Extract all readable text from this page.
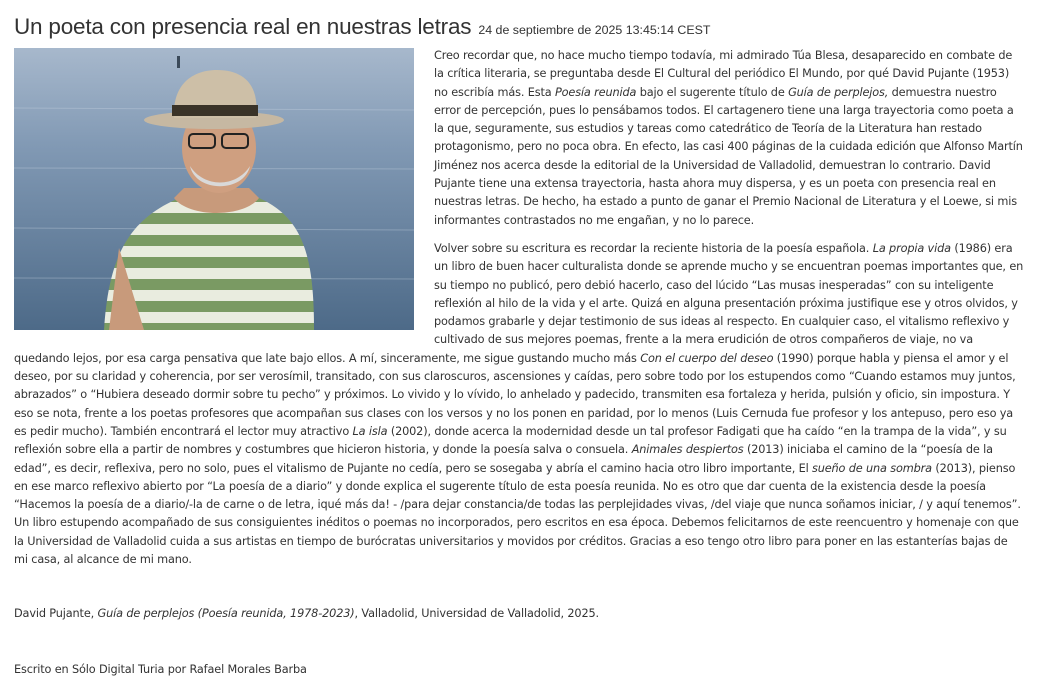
Un poeta con presencia real en nuestras letras 24 de septiembre de 2025 13:45:14 CEST

Creo recordar que, no hace mucho tiempo todavía, mi admirado Túa Blesa, desaparecido en combate de la crítica literaria, se preguntaba desde El Cultural del periódico El Mundo, por qué David Pujante (1953) no escribía más. Esta Poesía reunida bajo el sugerente título de Guía de perplejos, demuestra nuestro error de percepción, pues lo pensábamos todos. El cartagenero tiene una larga trayectoria como poeta a la que, seguramente, sus estudios y tareas como catedrático de Teoría de la Literatura han restado protagonismo, pero no poca obra. En efecto, las casi 400 páginas de la cuidada edición que Alfonso Martín Jiménez nos acerca desde la editorial de la Universidad de Valladolid, demuestran lo contrario. David Pujante tiene una extensa trayectoria, hasta ahora muy dispersa, y es un poeta con presencia real en nuestras letras. De hecho, ha estado a punto de ganar el Premio Nacional de Literatura y el Loewe, si mis informantes contrastados no me engañan, y no lo parece.

Volver sobre su escritura es recordar la reciente historia de la poesía española. La propia vida (1986) era un libro de buen hacer culturalista donde se aprende mucho y se encuentran poemas importantes que, en su tiempo no publicó, pero debió hacerlo, caso del lúcido “Las musas inesperadas” con su inteligente reflexión al hilo de la vida y el arte. Quizá en alguna presentación próxima justifique ese y otros olvidos, y podamos grabarle y dejar testimonio de sus ideas al respecto. En cualquier caso, el vitalismo reflexivo y cultivado de sus mejores poemas, frente a la mera erudición de otros compañeros de viaje, no va quedando lejos, por esa carga pensativa que late bajo ellos. A mí, sinceramente, me sigue gustando mucho más Con el cuerpo del deseo (1990) porque habla y piensa el amor y el deseo, por su claridad y coherencia, por ser verosímil, transitado, con sus claroscuros, ascensiones y caídas, pero sobre todo por los estupendos como “Cuando estamos muy juntos, abrazados” o “Hubiera deseado dormir sobre tu pecho” y próximos. Lo vivido y lo vívido, lo anhelado y padecido, transmiten esa fortaleza y herida, pulsión y oficio, sin impostura. Y eso se nota, frente a los poetas profesores que acompañan sus clases con los versos y no los ponen en paridad, por lo menos (Luis Cernuda fue profesor y los antepuso, pero eso ya es pedir mucho). También encontrará el lector muy atractivo La isla (2002), donde acerca la modernidad desde un tal profesor Fadigati que ha caído “en la trampa de la vida”, y su reflexión sobre ella a partir de nombres y costumbres que hicieron historia, y donde la poesía salva o consuela. Animales despiertos (2013) iniciaba el camino de la “poesía de la edad”, es decir, reflexiva, pero no solo, pues el vitalismo de Pujante no cedía, pero se sosegaba y abría el camino hacia otro libro importante, El sueño de una sombra (2013), pienso en ese marco reflexivo abierto por “La poesía de a diario” y donde explica el sugerente título de esta poesía reunida. No es otro que dar cuenta de la existencia desde la poesía “Hacemos la poesía de a diario/-la de carne o de letra, iqué más da! - /para dejar constancia/de todas las perplejidades vivas, /del viaje que nunca soñamos iniciar, / y aquí tenemos”. Un libro estupendo acompañado de sus consiguientes inéditos o poemas no incorporados, pero escritos en esa época. Debemos felicitarnos de este reencuentro y homenaje con que la Universidad de Valladolid cuida a sus artistas en tiempo de burócratas universitarios y movidos por créditos. Gracias a eso tengo otro libro para poner en las estanterías bajas de mi casa, al alcance de mi mano.

David Pujante, Guía de perplejos (Poesía reunida, 1978-2023), Valladolid, Universidad de Valladolid, 2025.
Escrito en Sólo Digital Turia por Rafael Morales Barba
